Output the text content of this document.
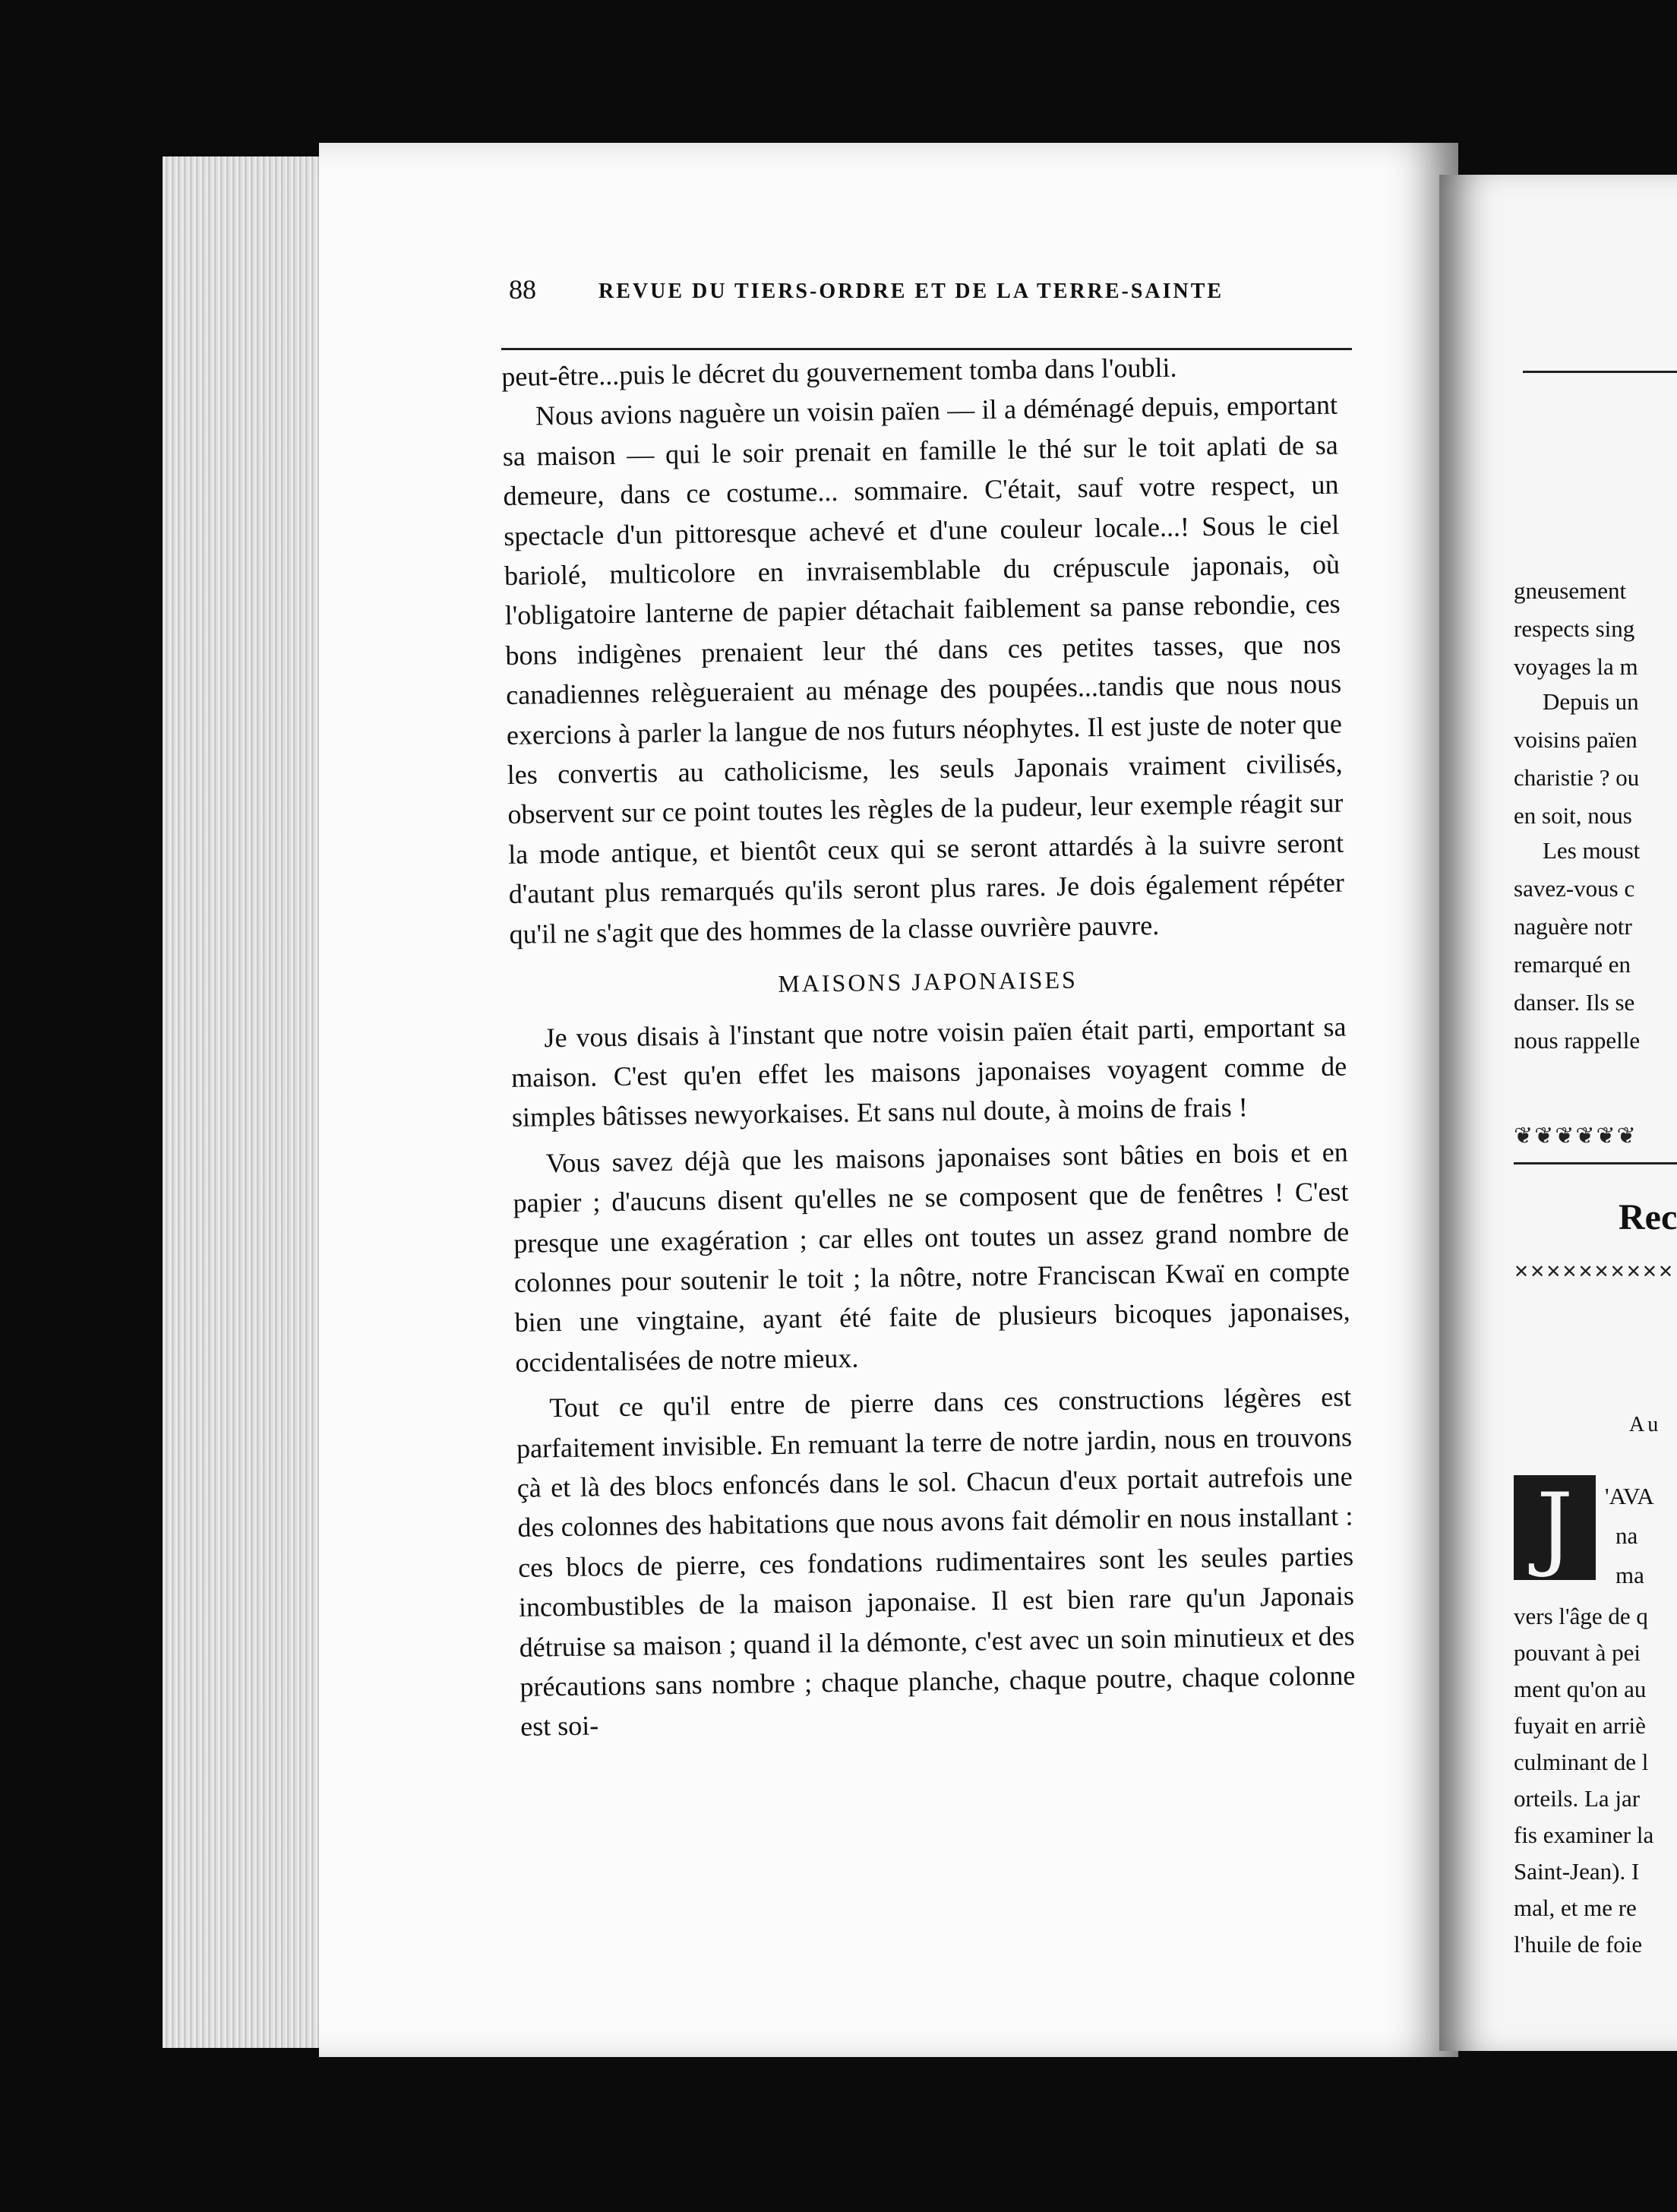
88	REVUE DU TIERS-ORDRE ET DE LA TERRE-SAINTE

peut-être...puis le décret du gouvernement tomba dans l'oubli.

Nous avions naguère un voisin païen — il a déménagé depuis, emportant sa maison — qui le soir prenait en famille le thé sur le toit aplati de sa demeure, dans ce costume... sommaire. C'était, sauf votre respect, un spectacle d'un pittoresque achevé et d'une couleur locale...! Sous le ciel bariolé, multicolore en invraisemblable du crépuscule japonais, où l'obligatoire lanterne de papier détachait faiblement sa panse rebondie, ces bons indigènes prenaient leur thé dans ces petites tasses, que nos canadiennes relègueraient au ménage des poupées...tandis que nous nous exercions à parler la langue de nos futurs néophytes. Il est juste de noter que les convertis au catholicisme, les seuls Japonais vraiment civilisés, observent sur ce point toutes les règles de la pudeur, leur exemple réagit sur la mode antique, et bientôt ceux qui se seront attardés à la suivre seront d'autant plus remarqués qu'ils seront plus rares. Je dois également répéter qu'il ne s'agit que des hommes de la classe ouvrière pauvre.

MAISONS JAPONAISES

Je vous disais à l'instant que notre voisin païen était parti, emportant sa maison. C'est qu'en effet les maisons japonaises voyagent comme de simples bâtisses newyorkaises. Et sans nul doute, à moins de frais !

Vous savez déjà que les maisons japonaises sont bâties en bois et en papier ; d'aucuns disent qu'elles ne se composent que de fenêtres ! C'est presque une exagération ; car elles ont toutes un assez grand nombre de colonnes pour soutenir le toit ; la nôtre, notre Franciscan Kwaï en compte bien une vingtaine, ayant été faite de plusieurs bicoques japonaises, occidentalisées de notre mieux.

Tout ce qu'il entre de pierre dans ces constructions légères est parfaitement invisible. En remuant la terre de notre jardin, nous en trouvons çà et là des blocs enfoncés dans le sol. Chacun d'eux portait autrefois une des colonnes des habitations que nous avons fait démolir en nous installant : ces blocs de pierre, ces fondations rudimentaires sont les seules parties incombustibles de la maison japonaise. Il est bien rare qu'un Japonais détruise sa maison ; quand il la démonte, c'est avec un soin minutieux et des précautions sans nombre ; chaque planche, chaque poutre, chaque colonne est soi-

gneusement
respects sing
voyages la m
Depuis un
voisins païen
charistie ? ou
en soit, nous
Les moust
savez-vous c
naguère notr
remarqué en
danser. Ils se
nous rappelle
❦❦❦❦❦❦
Rec
✕✕✕✕✕✕✕✕✕✕
Au
J	'AVA
na
ma
vers l'âge de q
pouvant à pei
ment qu'on au
fuyait en arriè
culminant de l
orteils. La jar
fis examiner la
Saint-Jean). I
mal, et me re
l'huile de foie
